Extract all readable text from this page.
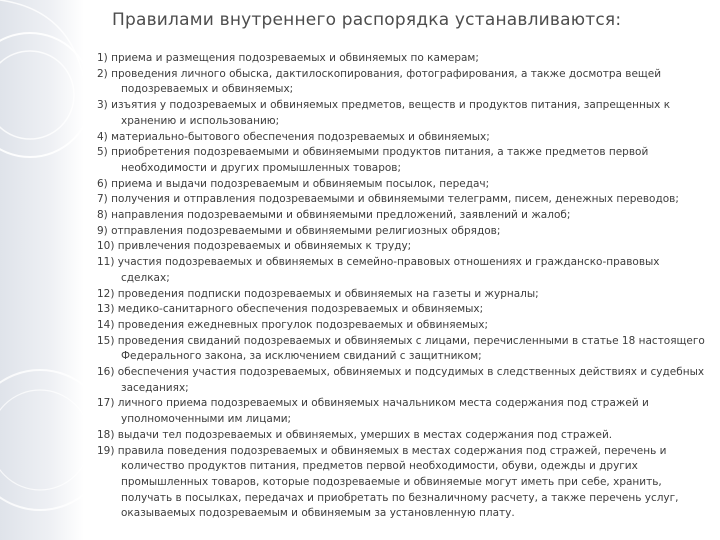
Правилами внутреннего распорядка устанавливаются:
1) приема и размещения подозреваемых и обвиняемых по камерам;
2) проведения личного обыска, дактилоскопирования, фотографирования, а также досмотра вещей подозреваемых и обвиняемых;
3) изъятия у подозреваемых и обвиняемых предметов, веществ и продуктов питания, запрещенных к хранению и использованию;
4) материально-бытового обеспечения подозреваемых и обвиняемых;
5) приобретения подозреваемыми и обвиняемыми продуктов питания, а также предметов первой необходимости и других промышленных товаров;
6) приема и выдачи подозреваемым и обвиняемым посылок, передач;
7) получения и отправления подозреваемыми и обвиняемыми телеграмм, писем, денежных переводов;
8) направления подозреваемыми и обвиняемыми предложений, заявлений и жалоб;
9) отправления подозреваемыми и обвиняемыми религиозных обрядов;
10) привлечения подозреваемых и обвиняемых к труду;
11) участия подозреваемых и обвиняемых в семейно-правовых отношениях и гражданско-правовых сделках;
12) проведения подписки подозреваемых и обвиняемых на газеты и журналы;
13) медико-санитарного обеспечения подозреваемых и обвиняемых;
14) проведения ежедневных прогулок подозреваемых и обвиняемых;
15) проведения свиданий подозреваемых и обвиняемых с лицами, перечисленными в статье 18 настоящего Федерального закона, за исключением свиданий с защитником;
16) обеспечения участия подозреваемых, обвиняемых и подсудимых в следственных действиях и судебных заседаниях;
17) личного приема подозреваемых и обвиняемых начальником места содержания под стражей и уполномоченными им лицами;
18) выдачи тел подозреваемых и обвиняемых, умерших в местах содержания под стражей.
19) правила поведения подозреваемых и обвиняемых в местах содержания под стражей, перечень и количество продуктов питания, предметов первой необходимости, обуви, одежды и других промышленных товаров, которые подозреваемые и обвиняемые могут иметь при себе, хранить, получать в посылках, передачах и приобретать по безналичному расчету, а также перечень услуг, оказываемых подозреваемым и обвиняемым за установленную плату.
